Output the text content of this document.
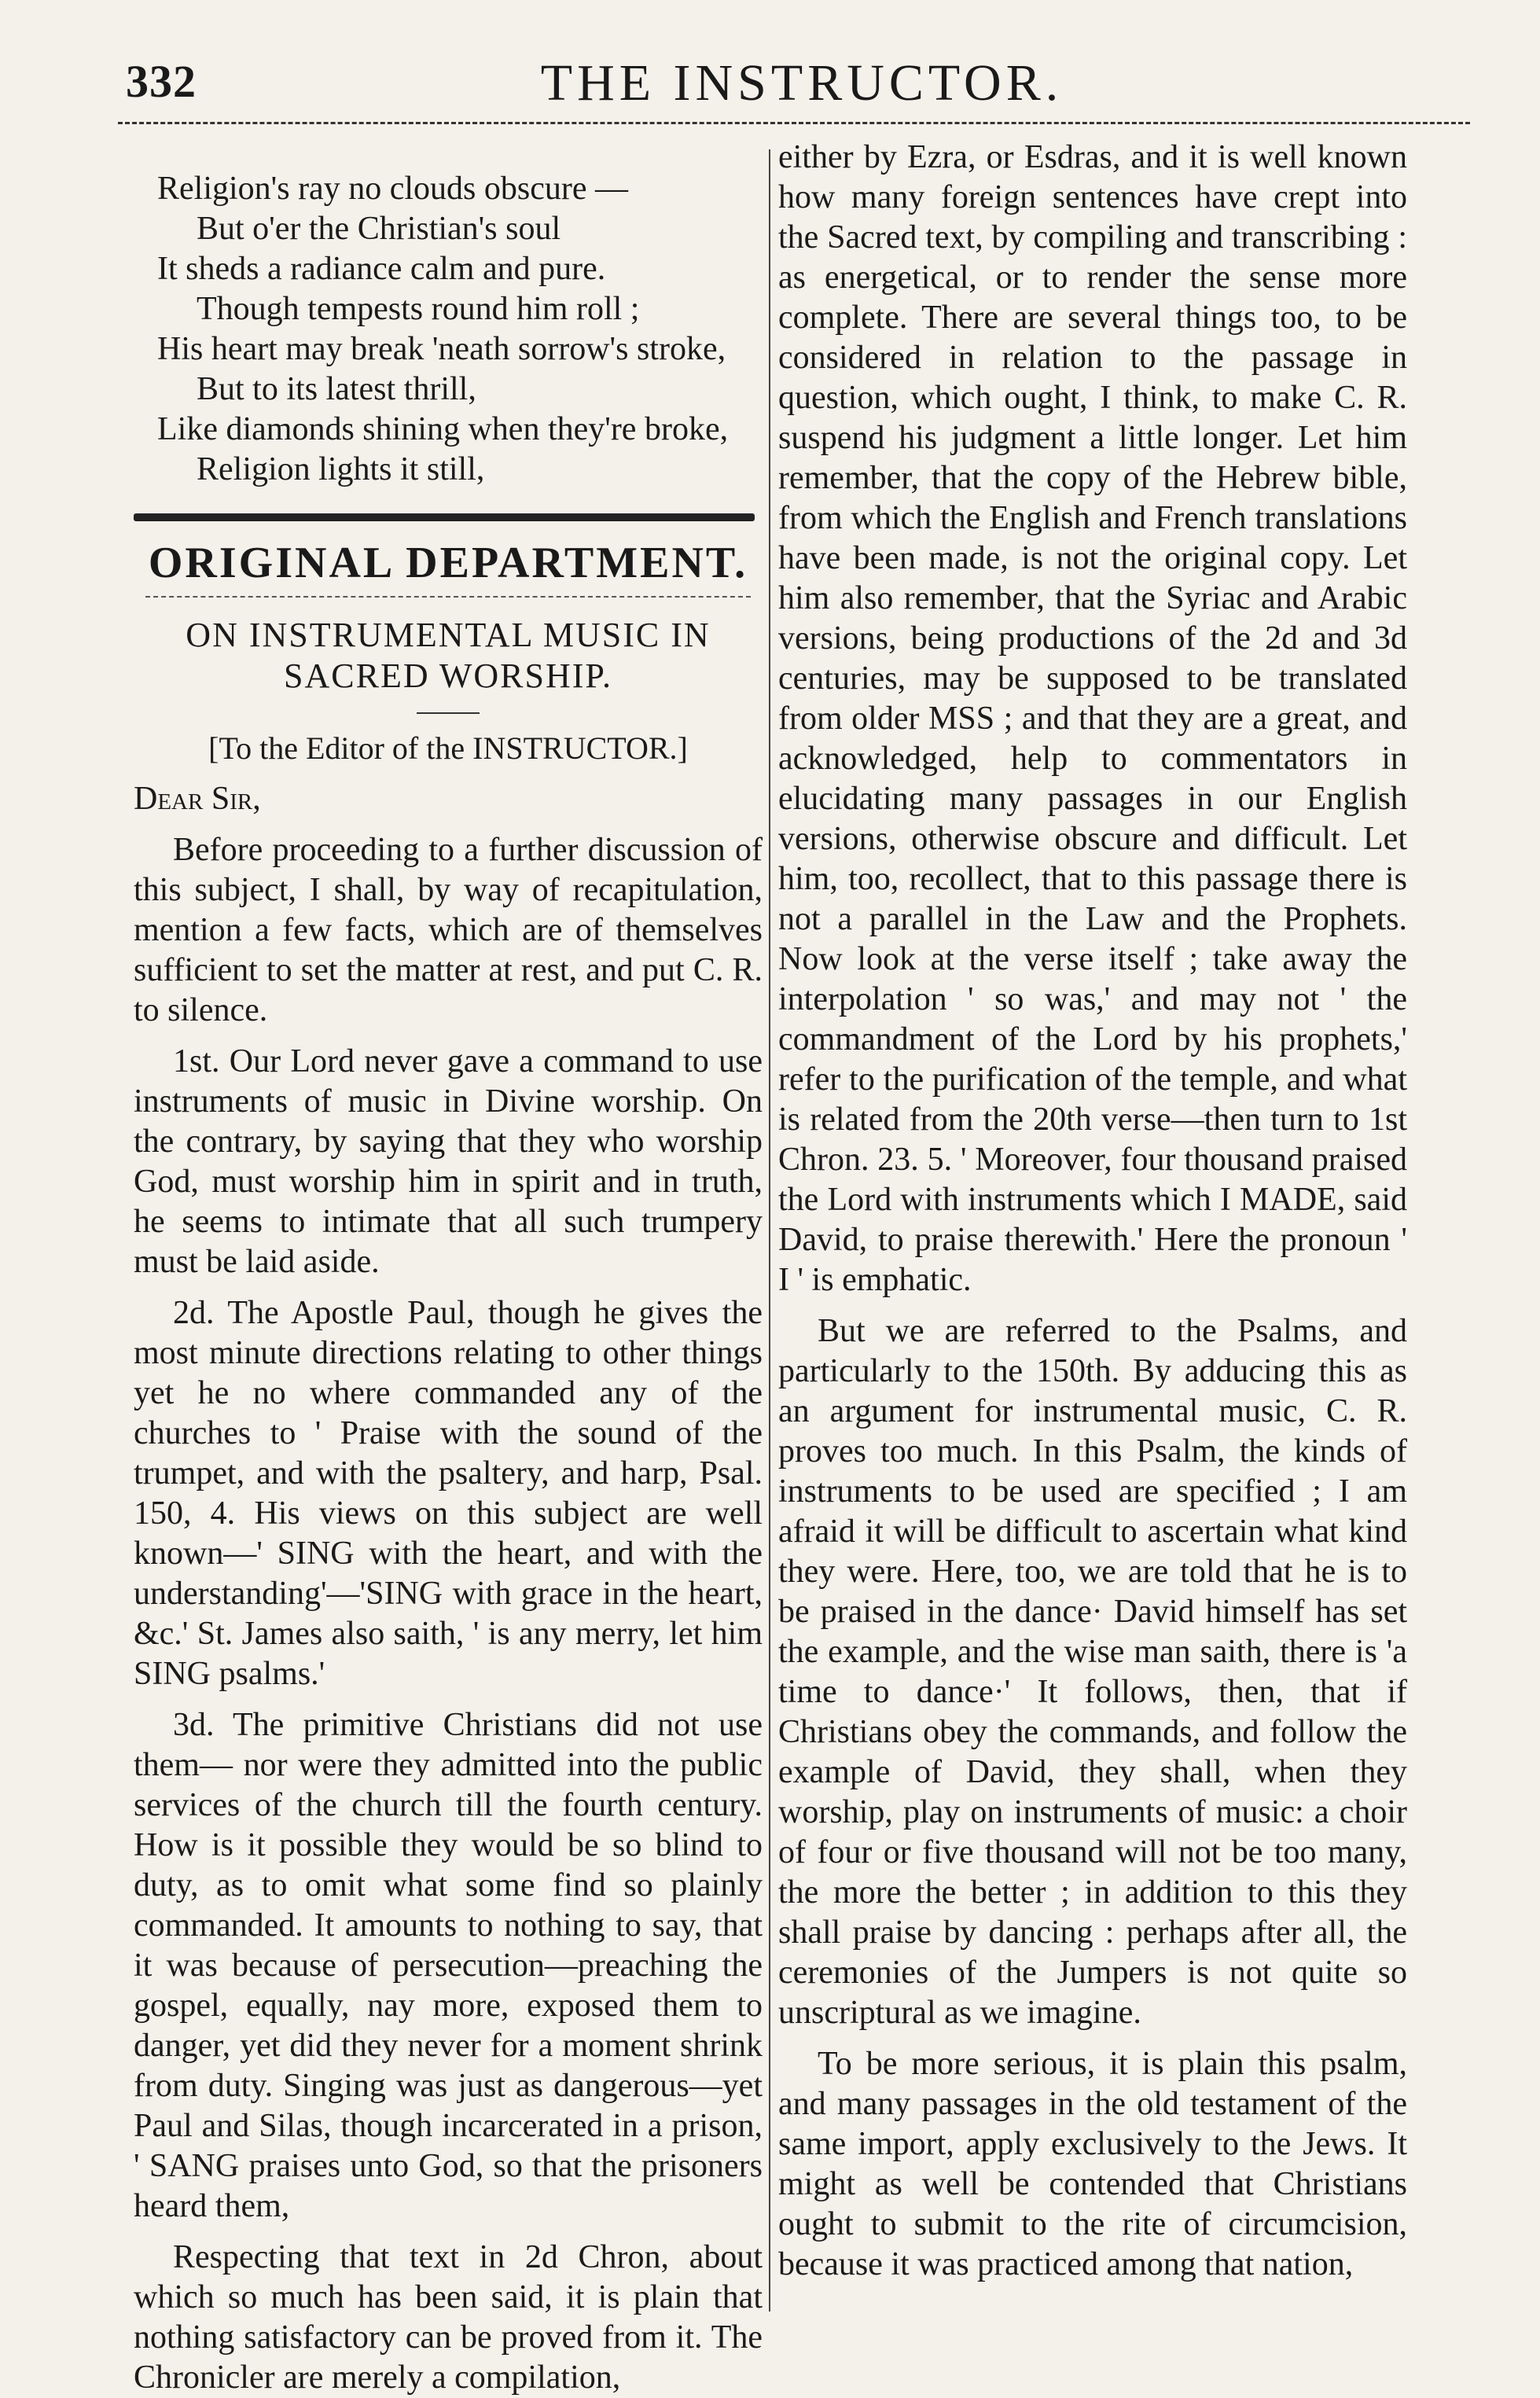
332	THE INSTRUCTOR.
Religion's ray no clouds obscure —
But o'er the Christian's soul
It sheds a radiance calm and pure.
Though tempests round him roll ;
His heart may break 'neath sorrow's stroke,
But to its latest thrill,
Like diamonds shining when they're broke,
Religion lights it still,
ORIGINAL DEPARTMENT.
ON INSTRUMENTAL MUSIC IN SACRED WORSHIP.
[To the Editor of the INSTRUCTOR.]
Dear Sir,

Before proceeding to a further discussion of this subject, I shall, by way of recapitulation, mention a few facts, which are of themselves sufficient to set the matter at rest, and put C. R. to silence.

1st. Our Lord never gave a command to use instruments of music in Divine worship. On the contrary, by saying that they who worship God, must worship him in spirit and in truth, he seems to intimate that all such trumpery must be laid aside.

2d. The Apostle Paul, though he gives the most minute directions relating to other things yet he no where commanded any of the churches to ' Praise with the sound of the trumpet, and with the psaltery, and harp, Psal. 150, 4. His views on this subject are well known—' SING with the heart, and with the understanding'—'SING with grace in the heart, &c.' St. James also saith, ' is any merry, let him SING psalms.'

3d. The primitive Christians did not use them— nor were they admitted into the public services of the church till the fourth century. How is it possible they would be so blind to duty, as to omit what some find so plainly commanded. It amounts to nothing to say, that it was because of persecution—preaching the gospel, equally, nay more, exposed them to danger, yet did they never for a moment shrink from duty. Singing was just as dangerous—yet Paul and Silas, though incarcerated in a prison, ' SANG praises unto God, so that the prisoners heard them,

Respecting that text in 2d Chron, about which so much has been said, it is plain that nothing satisfactory can be proved from it. The Chronicler are merely a compilation,

either by Ezra, or Esdras, and it is well known how many foreign sentences have crept into the Sacred text, by compiling and transcribing : as energetical, or to render the sense more complete. There are several things too, to be considered in relation to the passage in question, which ought, I think, to make C. R. suspend his judgment a little longer. Let him remember, that the copy of the Hebrew bible, from which the English and French translations have been made, is not the original copy. Let him also remember, that the Syriac and Arabic versions, being productions of the 2d and 3d centuries, may be supposed to be translated from older MSS ; and that they are a great, and acknowledged, help to commentators in elucidating many passages in our English versions, otherwise obscure and difficult. Let him, too, recollect, that to this passage there is not a parallel in the Law and the Prophets. Now look at the verse itself ; take away the interpolation ' so was,' and may not ' the commandment of the Lord by his prophets,' refer to the purification of the temple, and what is related from the 20th verse—then turn to 1st Chron. 23. 5. ' Moreover, four thousand praised the Lord with instruments which I MADE, said David, to praise therewith.' Here the pronoun ' I ' is emphatic.

But we are referred to the Psalms, and particularly to the 150th. By adducing this as an argument for instrumental music, C. R. proves too much. In this Psalm, the kinds of instruments to be used are specified ; I am afraid it will be difficult to ascertain what kind they were. Here, too, we are told that he is to be praised in the dance· David himself has set the example, and the wise man saith, there is 'a time to dance·' It follows, then, that if Christians obey the commands, and follow the example of David, they shall, when they worship, play on instruments of music: a choir of four or five thousand will not be too many, the more the better ; in addition to this they shall praise by dancing : perhaps after all, the ceremonies of the Jumpers is not quite so unscriptural as we imagine.

To be more serious, it is plain this psalm, and many passages in the old testament of the same import, apply exclusively to the Jews. It might as well be contended that Christians ought to submit to the rite of circumcision, because it was practiced among that nation,
